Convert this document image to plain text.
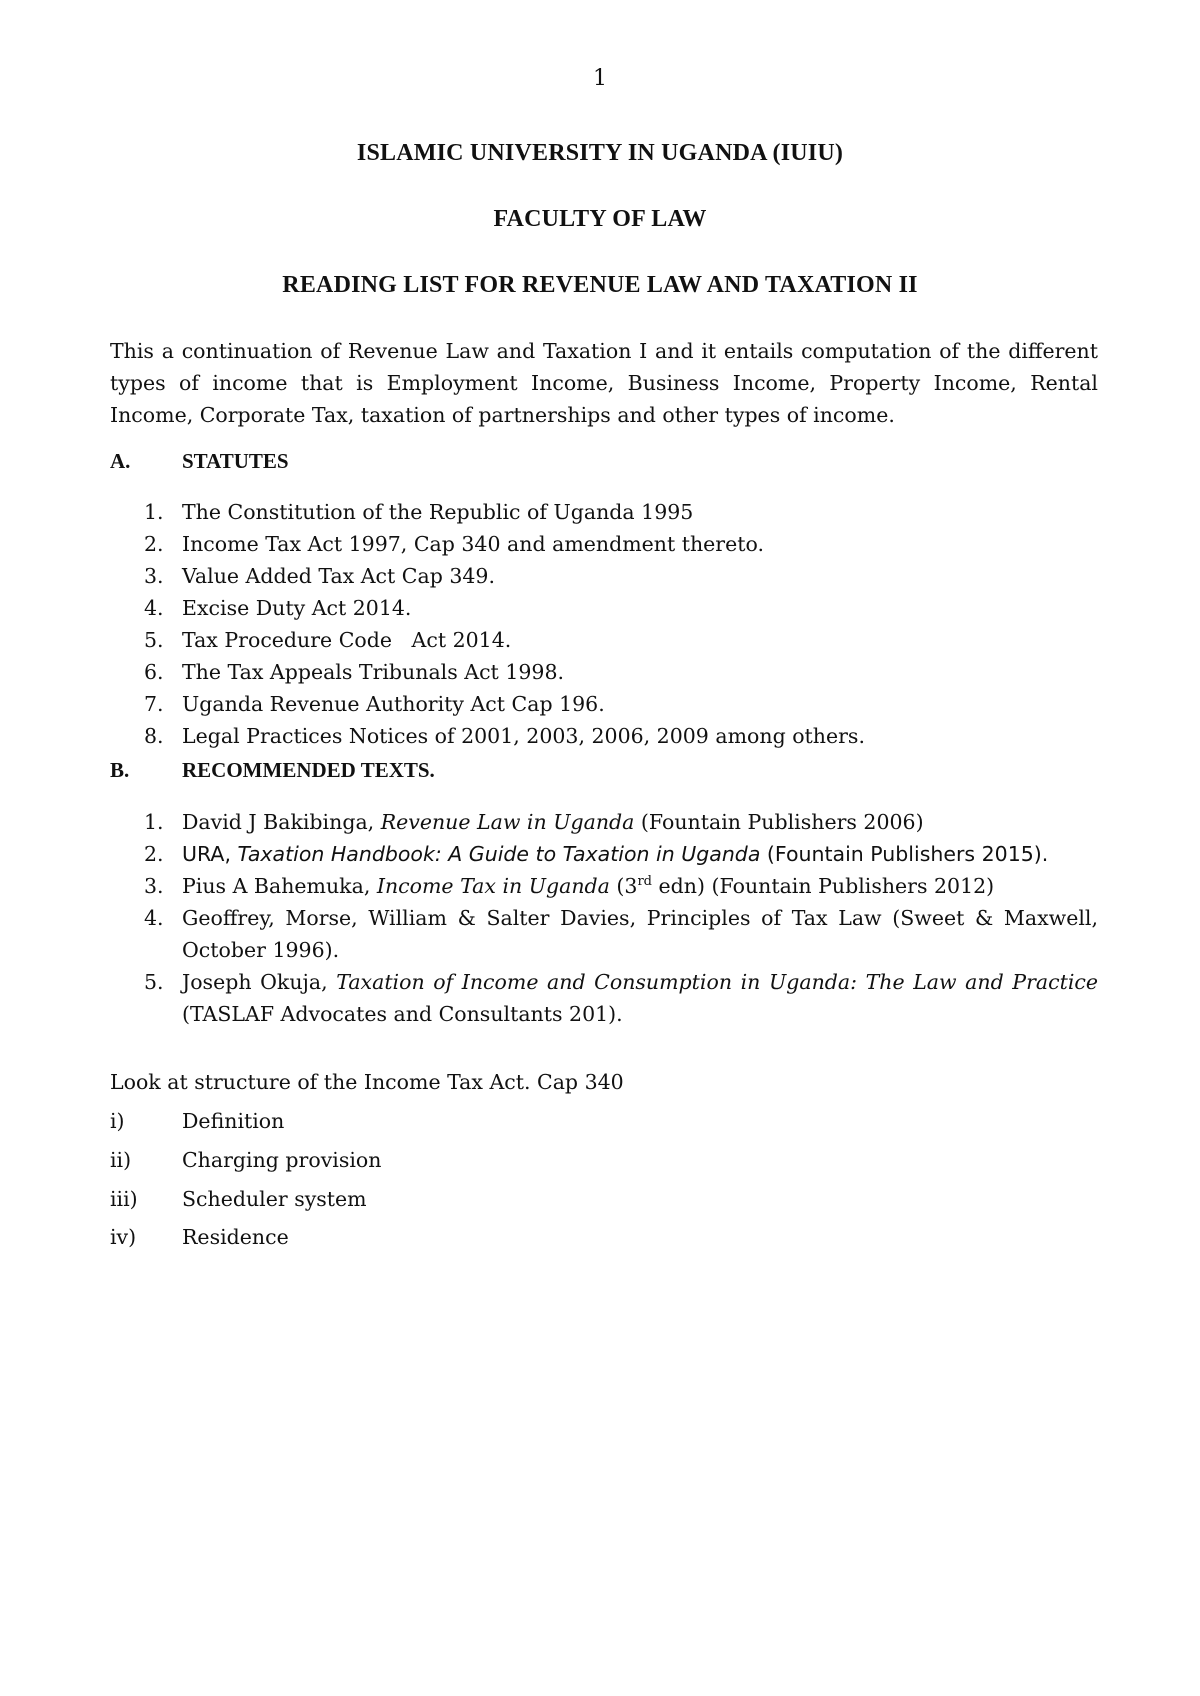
1
ISLAMIC UNIVERSITY IN UGANDA (IUIU)
FACULTY OF LAW
READING LIST FOR REVENUE LAW AND TAXATION II
This a continuation of Revenue Law and Taxation I and it entails computation of the different types of income that is Employment Income, Business Income, Property Income, Rental Income, Corporate Tax, taxation of partnerships and other types of income.
A. STATUTES
1. The Constitution of the Republic of Uganda 1995
2. Income Tax Act 1997, Cap 340 and amendment thereto.
3. Value Added Tax Act Cap 349.
4. Excise Duty Act 2014.
5. Tax Procedure Code   Act 2014.
6. The Tax Appeals Tribunals Act 1998.
7. Uganda Revenue Authority Act Cap 196.
8. Legal Practices Notices of 2001, 2003, 2006, 2009 among others.
B.	RECOMMENDED TEXTS.
1. David J Bakibinga, Revenue Law in Uganda (Fountain Publishers 2006)
2. URA, Taxation Handbook: A Guide to Taxation in Uganda (Fountain Publishers 2015).
3. Pius A Bahemuka, Income Tax in Uganda (3rd edn) (Fountain Publishers 2012)
4. Geoffrey, Morse, William & Salter Davies, Principles of Tax Law (Sweet & Maxwell, October 1996).
5. Joseph Okuja, Taxation of Income and Consumption in Uganda: The Law and Practice (TASLAF Advocates and Consultants 201).
Look at structure of the Income Tax Act. Cap 340
i)	Definition
ii) Charging provision
iii) Scheduler system
iv) Residence
